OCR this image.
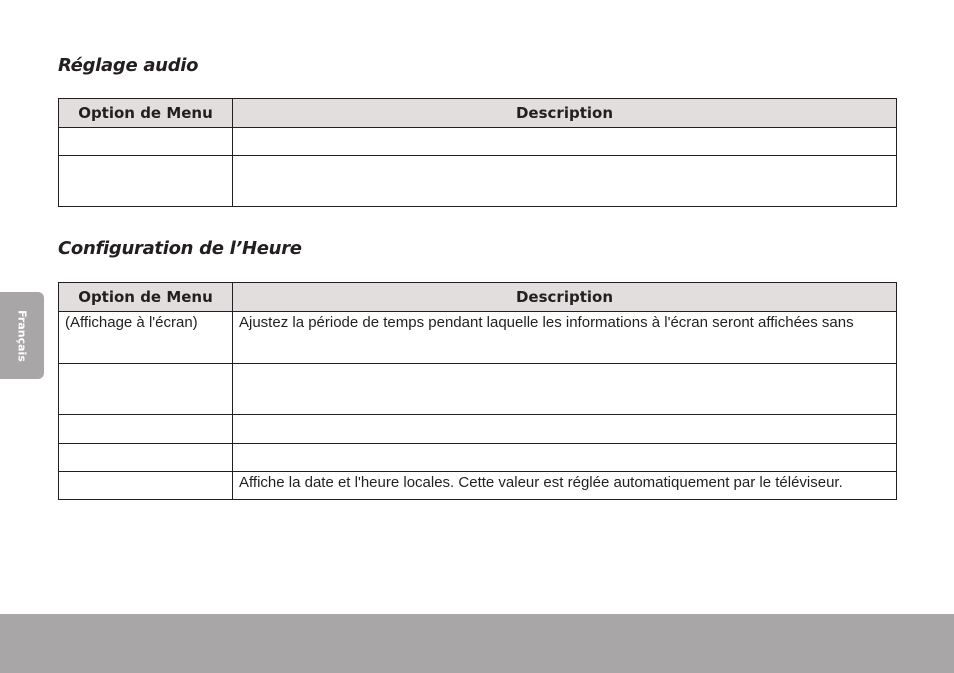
Réglage audio
Option de Menu	Description

Configuration de l’Heure
Option de Menu	Description
(Affichage à l'écran)	Ajustez la période de temps pendant laquelle les informations à l'écran seront affichées sans

	Affiche la date et l'heure locales. Cette valeur est réglée automatiquement par le téléviseur.
Français
